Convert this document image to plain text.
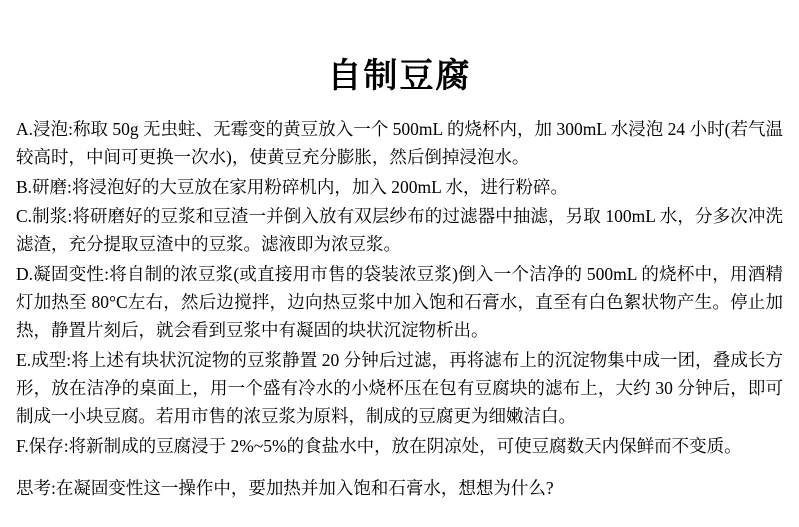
自制豆腐

A.浸泡:称取 50g 无虫蛀、无霉变的黄豆放入一个 500mL 的烧杯内，加 300mL 水浸泡 24 小时(若气温较高时，中间可更换一次水)，使黄豆充分膨胀，然后倒掉浸泡水。

B.研磨:将浸泡好的大豆放在家用粉碎机内，加入 200mL 水，进行粉碎。

C.制浆:将研磨好的豆浆和豆渣一并倒入放有双层纱布的过滤器中抽滤，另取 100mL 水，分多次冲洗滤渣，充分提取豆渣中的豆浆。滤液即为浓豆浆。

D.凝固变性:将自制的浓豆浆(或直接用市售的袋装浓豆浆)倒入一个洁净的 500mL 的烧杯中，用酒精灯加热至 80°C左右，然后边搅拌，边向热豆浆中加入饱和石膏水，直至有白色絮状物产生。停止加热，静置片刻后，就会看到豆浆中有凝固的块状沉淀物析出。

E.成型:将上述有块状沉淀物的豆浆静置 20 分钟后过滤，再将滤布上的沉淀物集中成一团，叠成长方形，放在洁净的桌面上，用一个盛有冷水的小烧杯压在包有豆腐块的滤布上，大约 30 分钟后，即可制成一小块豆腐。若用市售的浓豆浆为原料，制成的豆腐更为细嫩洁白。

F.保存:将新制成的豆腐浸于 2%~5%的食盐水中，放在阴凉处，可使豆腐数天内保鲜而不变质。

思考:在凝固变性这一操作中，要加热并加入饱和石膏水，想想为什么?
